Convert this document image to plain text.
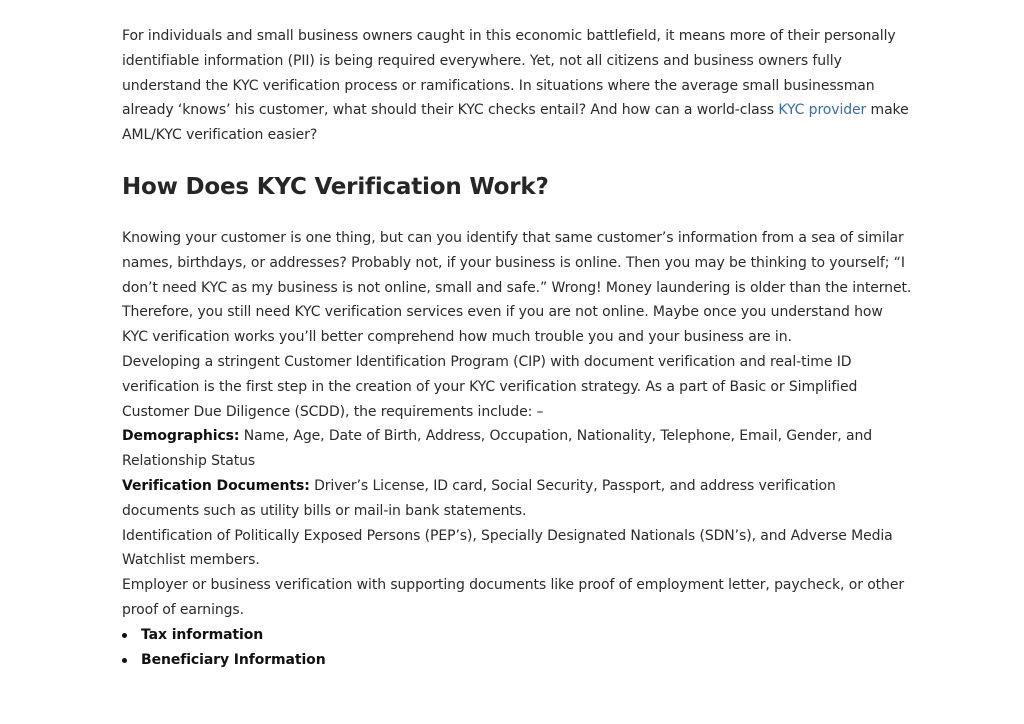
For individuals and small business owners caught in this economic battlefield, it means more of their personally identifiable information (PII) is being required everywhere. Yet, not all citizens and business owners fully understand the KYC verification process or ramifications. In situations where the average small businessman already ‘knows’ his customer, what should their KYC checks entail? And how can a world-class KYC provider make AML/KYC verification easier?

How Does KYC Verification Work?

Knowing your customer is one thing, but can you identify that same customer’s information from a sea of similar names, birthdays, or addresses? Probably not, if your business is online. Then you may be thinking to yourself; “I don’t need KYC as my business is not online, small and safe.” Wrong! Money laundering is older than the internet. Therefore, you still need KYC verification services even if you are not online. Maybe once you understand how KYC verification works you’ll better comprehend how much trouble you and your business are in.

Developing a stringent Customer Identification Program (CIP) with document verification and real-time ID verification is the first step in the creation of your KYC verification strategy. As a part of Basic or Simplified Customer Due Diligence (SCDD), the requirements include: –

Demographics: Name, Age, Date of Birth, Address, Occupation, Nationality, Telephone, Email, Gender, and Relationship Status

Verification Documents: Driver’s License, ID card, Social Security, Passport, and address verification documents such as utility bills or mail-in bank statements.

Identification of Politically Exposed Persons (PEP’s), Specially Designated Nationals (SDN’s), and Adverse Media Watchlist members.

Employer or business verification with supporting documents like proof of employment letter, paycheck, or other proof of earnings.

Tax information
Beneficiary Information
